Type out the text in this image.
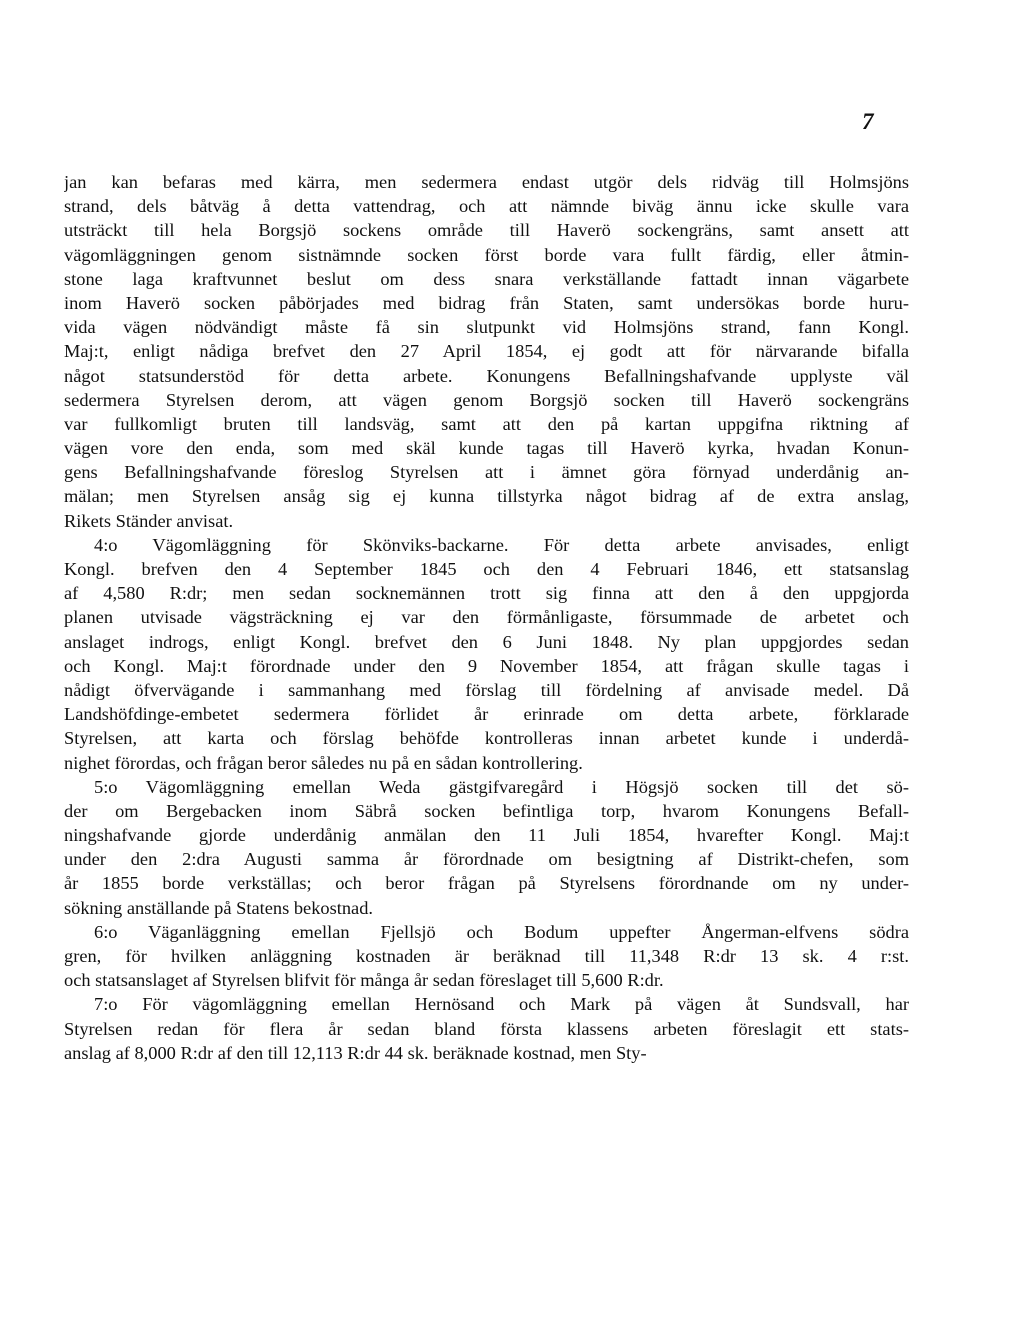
7
jan kan befaras med kärra, men sedermera endast utgör dels ridväg till Holmsjöns
strand, dels båtväg å detta vattendrag, och att nämnde biväg ännu icke skulle vara
utsträckt till hela Borgsjö sockens område till Haverö sockengräns, samt ansett att
vägomläggningen genom sistnämnde socken först borde vara fullt färdig, eller åtmin-
stone laga kraftvunnet beslut om dess snara verkställande fattadt innan vägarbete
inom Haverö socken påbörjades med bidrag från Staten, samt undersökas borde huru-
vida vägen nödvändigt måste få sin slutpunkt vid Holmsjöns strand, fann Kongl.
Maj:t, enligt nådiga brefvet den 27 April 1854, ej godt att för närvarande bifalla
något statsunderstöd för detta arbete. Konungens Befallningshafvande upplyste väl
sedermera Styrelsen derom, att vägen genom Borgsjö socken till Haverö sockengräns
var fullkomligt bruten till landsväg, samt att den på kartan uppgifna riktning af
vägen vore den enda, som med skäl kunde tagas till Haverö kyrka, hvadan Konun-
gens Befallningshafvande föreslog Styrelsen att i ämnet göra förnyad underdånig an-
mälan; men Styrelsen ansåg sig ej kunna tillstyrka något bidrag af de extra anslag,
Rikets Ständer anvisat.
4:o Vägomläggning för Skönviks-backarne. För detta arbete anvisades, enligt
Kongl. brefven den 4 September 1845 och den 4 Februari 1846, ett statsanslag
af 4,580 R:dr; men sedan socknemännen trott sig finna att den å den uppgjorda
planen utvisade vägsträckning ej var den förmånligaste, försummade de arbetet och
anslaget indrogs, enligt Kongl. brefvet den 6 Juni 1848. Ny plan uppgjordes sedan
och Kongl. Maj:t förordnade under den 9 November 1854, att frågan skulle tagas i
nådigt öfvervägande i sammanhang med förslag till fördelning af anvisade medel. Då
Landshöfdinge-embetet sedermera förlidet år erinrade om detta arbete, förklarade
Styrelsen, att karta och förslag behöfde kontrolleras innan arbetet kunde i underdå-
nighet förordas, och frågan beror således nu på en sådan kontrollering.
5:o Vägomläggning emellan Weda gästgifvaregård i Högsjö socken till det sö-
der om Bergebacken inom Säbrå socken befintliga torp, hvarom Konungens Befall-
ningshafvande gjorde underdånig anmälan den 11 Juli 1854, hvarefter Kongl. Maj:t
under den 2:dra Augusti samma år förordnade om besigtning af Distrikt-chefen, som
år 1855 borde verkställas; och beror frågan på Styrelsens förordnande om ny under-
sökning anställande på Statens bekostnad.
6:o Väganläggning emellan Fjellsjö och Bodum uppefter Ångerman-elfvens södra
gren, för hvilken anläggning kostnaden är beräknad till 11,348 R:dr 13 sk. 4 r:st.
och statsanslaget af Styrelsen blifvit för många år sedan föreslaget till 5,600 R:dr.
7:o För vägomläggning emellan Hernösand och Mark på vägen åt Sundsvall, har
Styrelsen redan för flera år sedan bland första klassens arbeten föreslagit ett stats-
anslag af 8,000 R:dr af den till 12,113 R:dr 44 sk. beräknade kostnad, men Sty-
